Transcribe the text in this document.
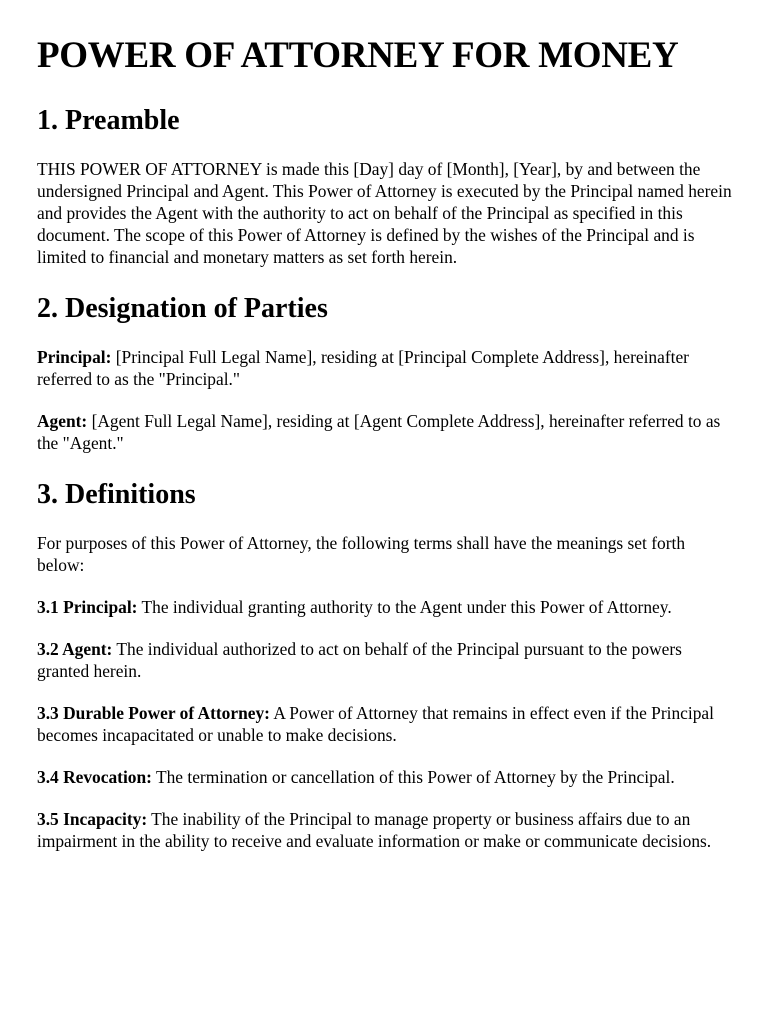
POWER OF ATTORNEY FOR MONEY
1. Preamble

THIS POWER OF ATTORNEY is made this [Day] day of [Month], [Year], by and between the undersigned Principal and Agent. This Power of Attorney is executed by the Principal named herein and provides the Agent with the authority to act on behalf of the Principal as specified in this document. The scope of this Power of Attorney is defined by the wishes of the Principal and is limited to financial and monetary matters as set forth herein.

2. Designation of Parties

Principal: [Principal Full Legal Name], residing at [Principal Complete Address], hereinafter referred to as the "Principal."

Agent: [Agent Full Legal Name], residing at [Agent Complete Address], hereinafter referred to as the "Agent."

3. Definitions

For purposes of this Power of Attorney, the following terms shall have the meanings set forth below:

3.1 Principal: The individual granting authority to the Agent under this Power of Attorney.

3.2 Agent: The individual authorized to act on behalf of the Principal pursuant to the powers granted herein.

3.3 Durable Power of Attorney: A Power of Attorney that remains in effect even if the Principal becomes incapacitated or unable to make decisions.

3.4 Revocation: The termination or cancellation of this Power of Attorney by the Principal.

3.5 Incapacity: The inability of the Principal to manage property or business affairs due to an impairment in the ability to receive and evaluate information or make or communicate decisions.
